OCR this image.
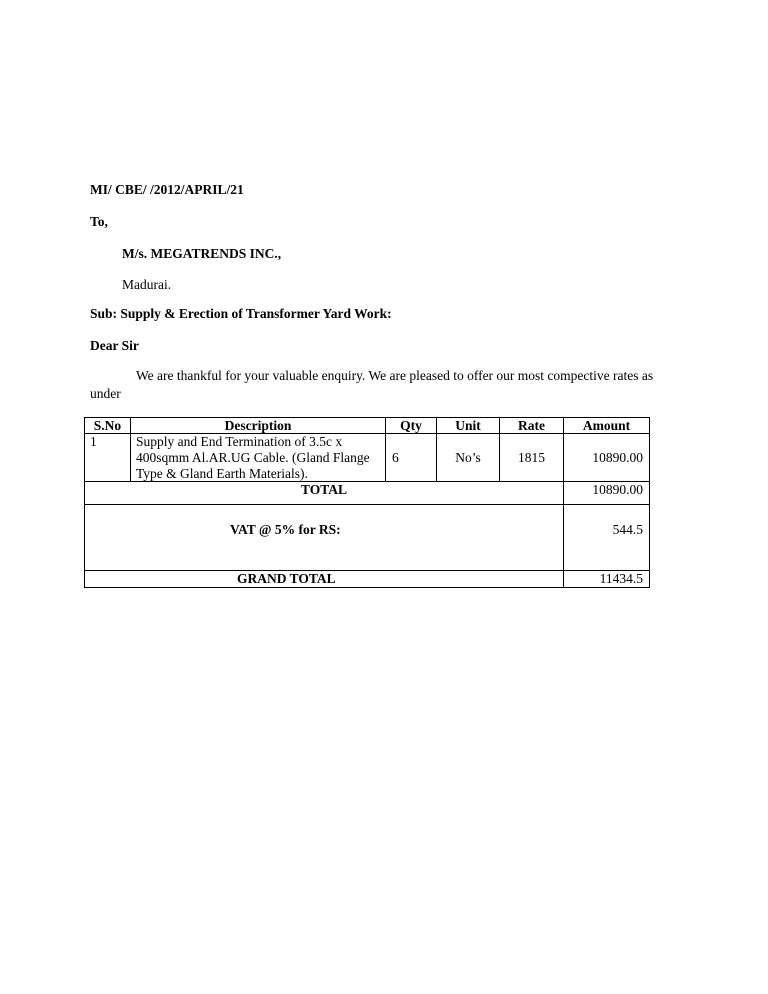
MI/ CBE/ /2012/APRIL/21
To,
M/s. MEGATRENDS INC.,
Madurai.
Sub: Supply & Erection of Transformer Yard Work:
Dear Sir
We are thankful for your valuable enquiry. We are pleased to offer our most compective rates as
under
S.No	Description	Qty	Unit	Rate	Amount
1	Supply and End Termination of 3.5c x
400sqmm Al.AR.UG Cable. (Gland Flange
Type & Gland Earth Materials).
6	No’s	1815	10890.00
TOTAL	10890.00
VAT @ 5% for RS:	544.5
GRAND TOTAL	11434.5
